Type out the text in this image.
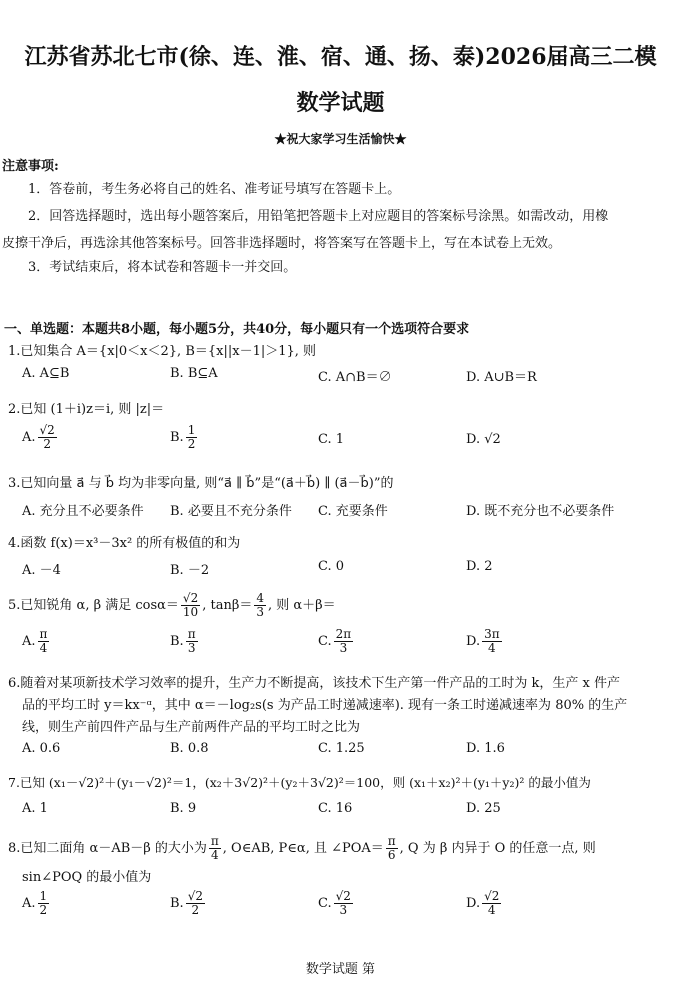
江苏省苏北七市(徐、连、淮、宿、通、扬、泰)2026届高三二模
数学试题
★祝大家学习生活愉快★
注意事项:
1．答卷前，考生务必将自己的姓名、准考证号填写在答题卡上。
2．回答选择题时，选出每小题答案后，用铅笔把答题卡上对应题目的答案标号涂黑。如需改动，用橡
皮擦干净后，再选涂其他答案标号。回答非选择题时，将答案写在答题卡上，写在本试卷上无效。
3．考试结束后，将本试卷和答题卡一并交回。
一、单选题：本题共8小题，每小题5分，共40分，每小题只有一个选项符合要求
1.已知集合 A＝{x|0＜x＜2}, B＝{x||x－1|＞1}, 则
A. A⊆B	B. B⊆A	C. A∩B＝∅	D. A∪B＝R
2.已知 (1＋i)z＝i, 则 |z|＝
A. $\frac{√2}{2}$	B. $\frac{1}{2}$	C. 1	D. √2
3.已知向量 a⃗ 与 b⃗ 均为非零向量, 则“a⃗ ∥ b⃗”是“(a⃗＋b⃗) ∥ (a⃗－b⃗)”的
A. 充分且不必要条件 B. 必要且不充分条件 C. 充要条件	D. 既不充分也不必要条件
4.函数 f(x)＝x³－3x² 的所有极值的和为
A. －4	B. －2	C. 0	D. 2
5.已知锐角 α, β 满足 $\cos\alpha= \frac{√2}{10}$ , $\tan\beta= \frac{4}{3}$ , 则 α＋β＝
A. $\frac{\pi}{4}$	B. $\frac{\pi}{3}$	C. $\frac{2\pi}{3}$	D. $\frac{3\pi}{4}$
6.随着对某项新技术学习效率的提升，生产力不断提高，该技术下生产第一件产品的工时为 k，生产 x 件产
品的平均工时 y＝kx⁻ᵅ，其中 α＝－log₂s(s 为产品工时递减速率). 现有一条工时递减速率为 80% 的生产
线，则生产前四件产品与生产前两件产品的平均工时之比为
A. 0.6	B. 0.8	C. 1.25	D. 1.6
7.已知 (x₁－√2)²＋(y₁－√2)²＝1，(x₂＋3√2)²＋(y₂＋3√2)²＝100，则 (x₁＋x₂)²＋(y₁＋y₂)² 的最小值为
A. 1	B. 9	C. 16	D. 25
8.已知二面角 α－AB－β 的大小为 $\frac{\pi}{4}$ , O∈AB, P∈α, 且 ∠POA＝ $\frac{\pi}{6}$ , Q 为 β 内异于 O 的任意一点, 则
sin∠POQ 的最小值为
A. $\frac{1}{2}$	B. $\frac{√2}{2}$	C. $\frac{√2}{3}$	D. $\frac{√2}{4}$
数学试题 第
